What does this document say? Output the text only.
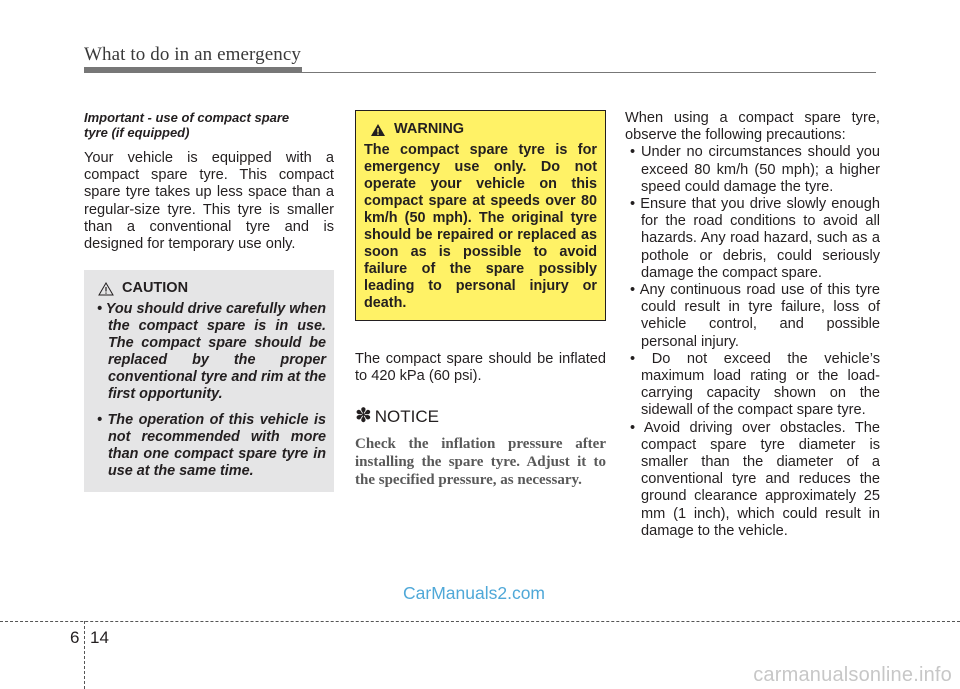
What to do in an emergency
Important - use of compact spare
tyre (if equipped)

Your vehicle is equipped with a compact spare tyre. This compact spare tyre takes up less space than a regular-size tyre. This tyre is smaller than a conventional tyre and is designed for temporary use only.

CAUTION
• You should drive carefully when the compact spare is in use. The compact spare should be replaced by the proper conventional tyre and rim at the first opportunity.
• The operation of this vehicle is not recommended with more than one compact spare tyre in use at the same time.
WARNING

The compact spare tyre is for emergency use only. Do not operate your vehicle on this compact spare at speeds over 80 km/h (50 mph). The original tyre should be repaired or replaced as soon as is possible to avoid failure of the spare possibly leading to personal injury or death.

The compact spare should be inflated to 420 kPa (60 psi).

✽ NOTICE

Check the inflation pressure after installing the spare tyre. Adjust it to the specified pressure, as necessary.

When using a compact spare tyre, observe the following precautions:

• Under no circumstances should you exceed 80 km/h (50 mph); a higher speed could damage the tyre.
• Ensure that you drive slowly enough for the road conditions to avoid all hazards. Any road hazard, such as a pothole or debris, could seriously damage the compact spare.
• Any continuous road use of this tyre could result in tyre failure, loss of vehicle control, and possible personal injury.
• Do not exceed the vehicle’s maximum load rating or the load-carrying capacity shown on the sidewall of the compact spare tyre.
• Avoid driving over obstacles. The compact spare tyre diameter is smaller than the diameter of a conventional tyre and reduces the ground clearance approximately 25 mm (1 inch), which could result in damage to the vehicle.
CarManuals2.com
6 14
carmanualsonline.info
